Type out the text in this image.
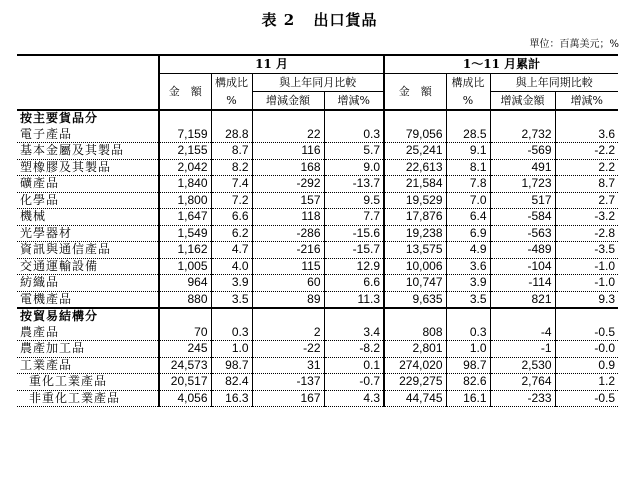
表 2 出口貨品
單位：百萬美元；%
	11 月				1～11 月累計			
	金　額	構成比	與上年同月比較		金　額	構成比	與上年同期比較	
		%	增減金額	增減%		%	增減金額	增減%
按主要貨品分								
電子產品	7,159	28.8	22	0.3	79,056	28.5	2,732	3.6
基本金屬及其製品	2,155	8.7	116	5.7	25,241	9.1	-569	-2.2
塑橡膠及其製品	2,042	8.2	168	9.0	22,613	8.1	491	2.2
礦產品	1,840	7.4	-292	-13.7	21,584	7.8	1,723	8.7
化學品	1,800	7.2	157	9.5	19,529	7.0	517	2.7
機械	1,647	6.6	118	7.7	17,876	6.4	-584	-3.2
光學器材	1,549	6.2	-286	-15.6	19,238	6.9	-563	-2.8
資訊與通信產品	1,162	4.7	-216	-15.7	13,575	4.9	-489	-3.5
交通運輸設備	1,005	4.0	115	12.9	10,006	3.6	-104	-1.0
紡織品	964	3.9	60	6.6	10,747	3.9	-114	-1.0
電機產品	880	3.5	89	11.3	9,635	3.5	821	9.3
按貿易結構分								
農產品	70	0.3	2	3.4	808	0.3	-4	-0.5
農產加工品	245	1.0	-22	-8.2	2,801	1.0	-1	-0.0
工業產品	24,573	98.7	31	0.1	274,020	98.7	2,530	0.9
重化工業產品	20,517	82.4	-137	-0.7	229,275	82.6	2,764	1.2
非重化工業產品	4,056	16.3	167	4.3	44,745	16.1	-233	-0.5
